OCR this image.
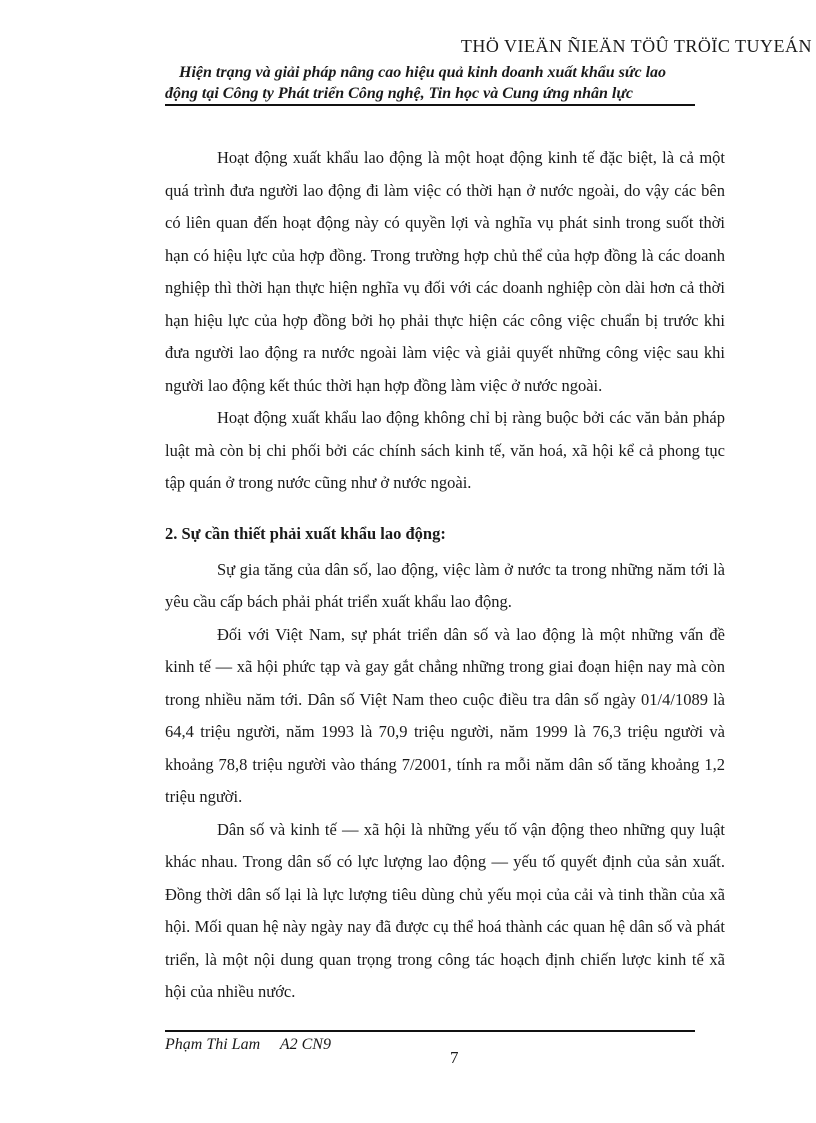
THÖ VIEÄN ÑIEÄN TÖÛ TRÖÏC TUYEÁN
Hiện trạng và giải pháp nâng cao hiệu quả kinh doanh xuất khẩu sức lao
động tại Công ty Phát triển Công nghệ, Tin học và Cung ứng nhân lực

Hoạt động xuất khẩu lao động là một hoạt động kinh tế đặc biệt, là cả một quá trình đưa người lao động đi làm việc có thời hạn ở nước ngoài, do vậy các bên có liên quan đến hoạt động này có quyền lợi và nghĩa vụ phát sinh trong suốt thời hạn có hiệu lực của hợp đồng. Trong trường hợp chủ thể của hợp đồng là các doanh nghiệp thì thời hạn thực hiện nghĩa vụ đối với các doanh nghiệp còn dài hơn cả thời hạn hiệu lực của hợp đồng bởi họ phải thực hiện các công việc chuẩn bị trước khi đưa người lao động ra nước ngoài làm việc và giải quyết những công việc sau khi người lao động kết thúc thời hạn hợp đồng làm việc ở nước ngoài.

Hoạt động xuất khẩu lao động không chỉ bị ràng buộc bởi các văn bản pháp luật mà còn bị chi phối bởi các chính sách kinh tế, văn hoá, xã hội kể cả phong tục tập quán ở trong nước cũng như ở nước ngoài.

2. Sự cần thiết phải xuất khẩu lao động:

Sự gia tăng của dân số, lao động, việc làm ở nước ta trong những năm tới là yêu cầu cấp bách phải phát triển xuất khẩu lao động.

Đối với Việt Nam, sự phát triển dân số và lao động là một những vấn đề kinh tế — xã hội phức tạp và gay gắt chẳng những trong giai đoạn hiện nay mà còn trong nhiều năm tới. Dân số Việt Nam theo cuộc điều tra dân số ngày 01/4/1089 là 64,4 triệu người, năm 1993 là 70,9 triệu người, năm 1999 là 76,3 triệu người và khoảng 78,8 triệu người vào tháng 7/2001, tính ra mỗi năm dân số tăng khoảng 1,2 triệu người.

Dân số và kinh tế — xã hội là những yếu tố vận động theo những quy luật khác nhau. Trong dân số có lực lượng lao động — yếu tố quyết định của sản xuất. Đồng thời dân số lại là lực lượng tiêu dùng chủ yếu mọi của cải và tinh thần của xã hội. Mối quan hệ này ngày nay đã được cụ thể hoá thành các quan hệ dân số và phát triển, là một nội dung quan trọng trong công tác hoạch định chiến lược kinh tế xã hội của nhiều nước.

Phạm Thi Lam     A2 CN9
7
